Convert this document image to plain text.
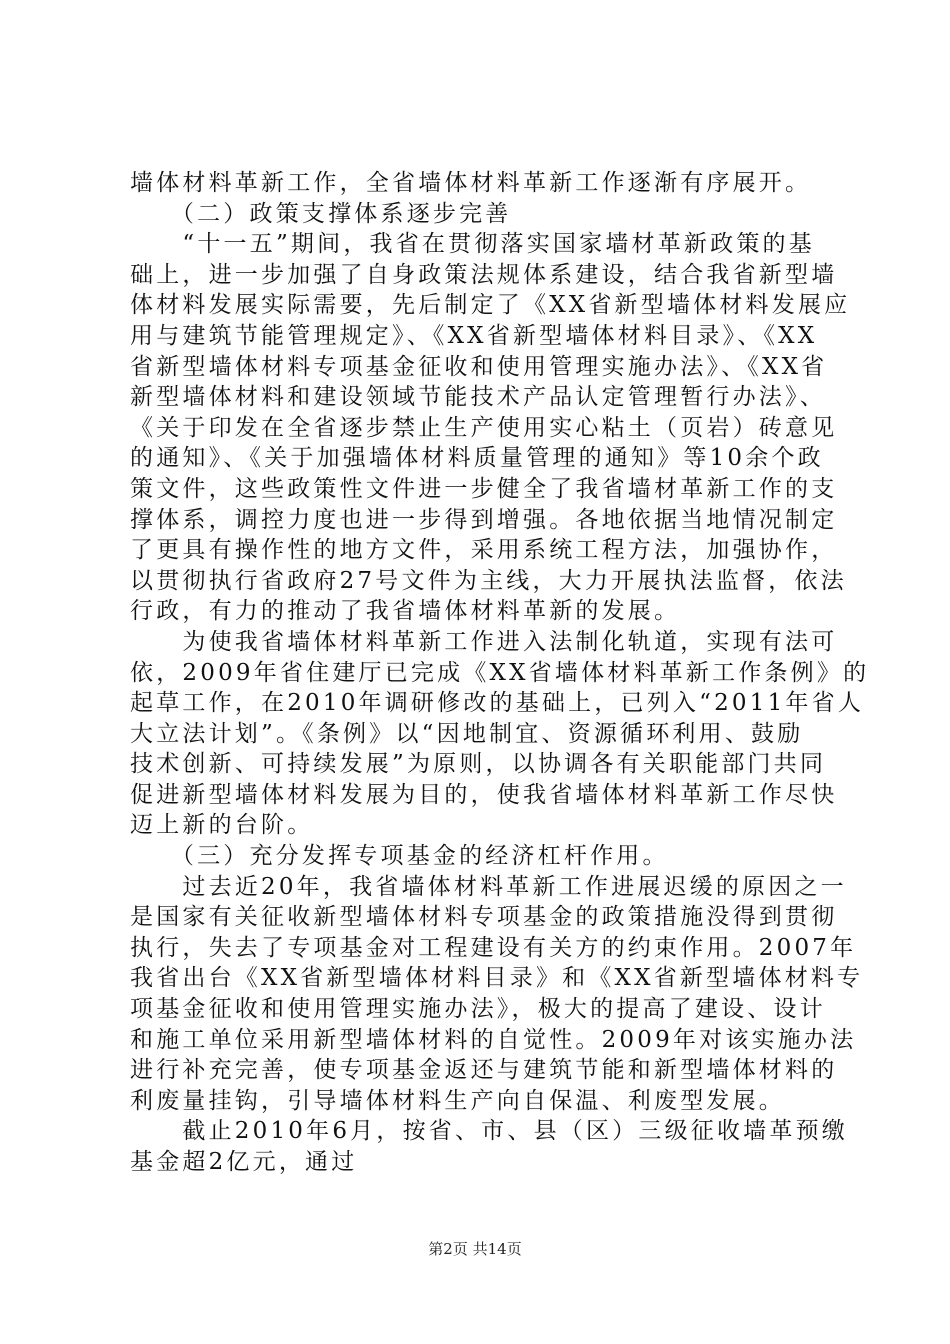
墙体材料革新工作，全省墙体材料革新工作逐渐有序展开。
　　（二）政策支撑体系逐步完善
　　“十一五”期间，我省在贯彻落实国家墙材革新政策的基
础上，进一步加强了自身政策法规体系建设，结合我省新型墙
体材料发展实际需要，先后制定了《XX省新型墙体材料发展应
用与建筑节能管理规定》、《XX省新型墙体材料目录》、《XX
省新型墙体材料专项基金征收和使用管理实施办法》、《XX省
新型墙体材料和建设领域节能技术产品认定管理暂行办法》、
《关于印发在全省逐步禁止生产使用实心粘土（页岩）砖意见
的通知》、《关于加强墙体材料质量管理的通知》等10余个政
策文件，这些政策性文件进一步健全了我省墙材革新工作的支
撑体系，调控力度也进一步得到增强。各地依据当地情况制定
了更具有操作性的地方文件，采用系统工程方法，加强协作，
以贯彻执行省政府27号文件为主线，大力开展执法监督，依法
行政，有力的推动了我省墙体材料革新的发展。
　　为使我省墙体材料革新工作进入法制化轨道，实现有法可
依，2009年省住建厅已完成《XX省墙体材料革新工作条例》的
起草工作，在2010年调研修改的基础上，已列入“2011年省人
大立法计划”。《条例》以“因地制宜、资源循环利用、鼓励
技术创新、可持续发展”为原则，以协调各有关职能部门共同
促进新型墙体材料发展为目的，使我省墙体材料革新工作尽快
迈上新的台阶。
　　（三）充分发挥专项基金的经济杠杆作用。
　　过去近20年，我省墙体材料革新工作进展迟缓的原因之一
是国家有关征收新型墙体材料专项基金的政策措施没得到贯彻
执行，失去了专项基金对工程建设有关方的约束作用。2007年
我省出台《XX省新型墙体材料目录》和《XX省新型墙体材料专
项基金征收和使用管理实施办法》，极大的提高了建设、设计
和施工单位采用新型墙体材料的自觉性。2009年对该实施办法
进行补充完善，使专项基金返还与建筑节能和新型墙体材料的
利废量挂钩，引导墙体材料生产向自保温、利废型发展。
　　截止2010年6月，按省、市、县（区）三级征收墙革预缴
基金超2亿元，通过
第2页 共14页
